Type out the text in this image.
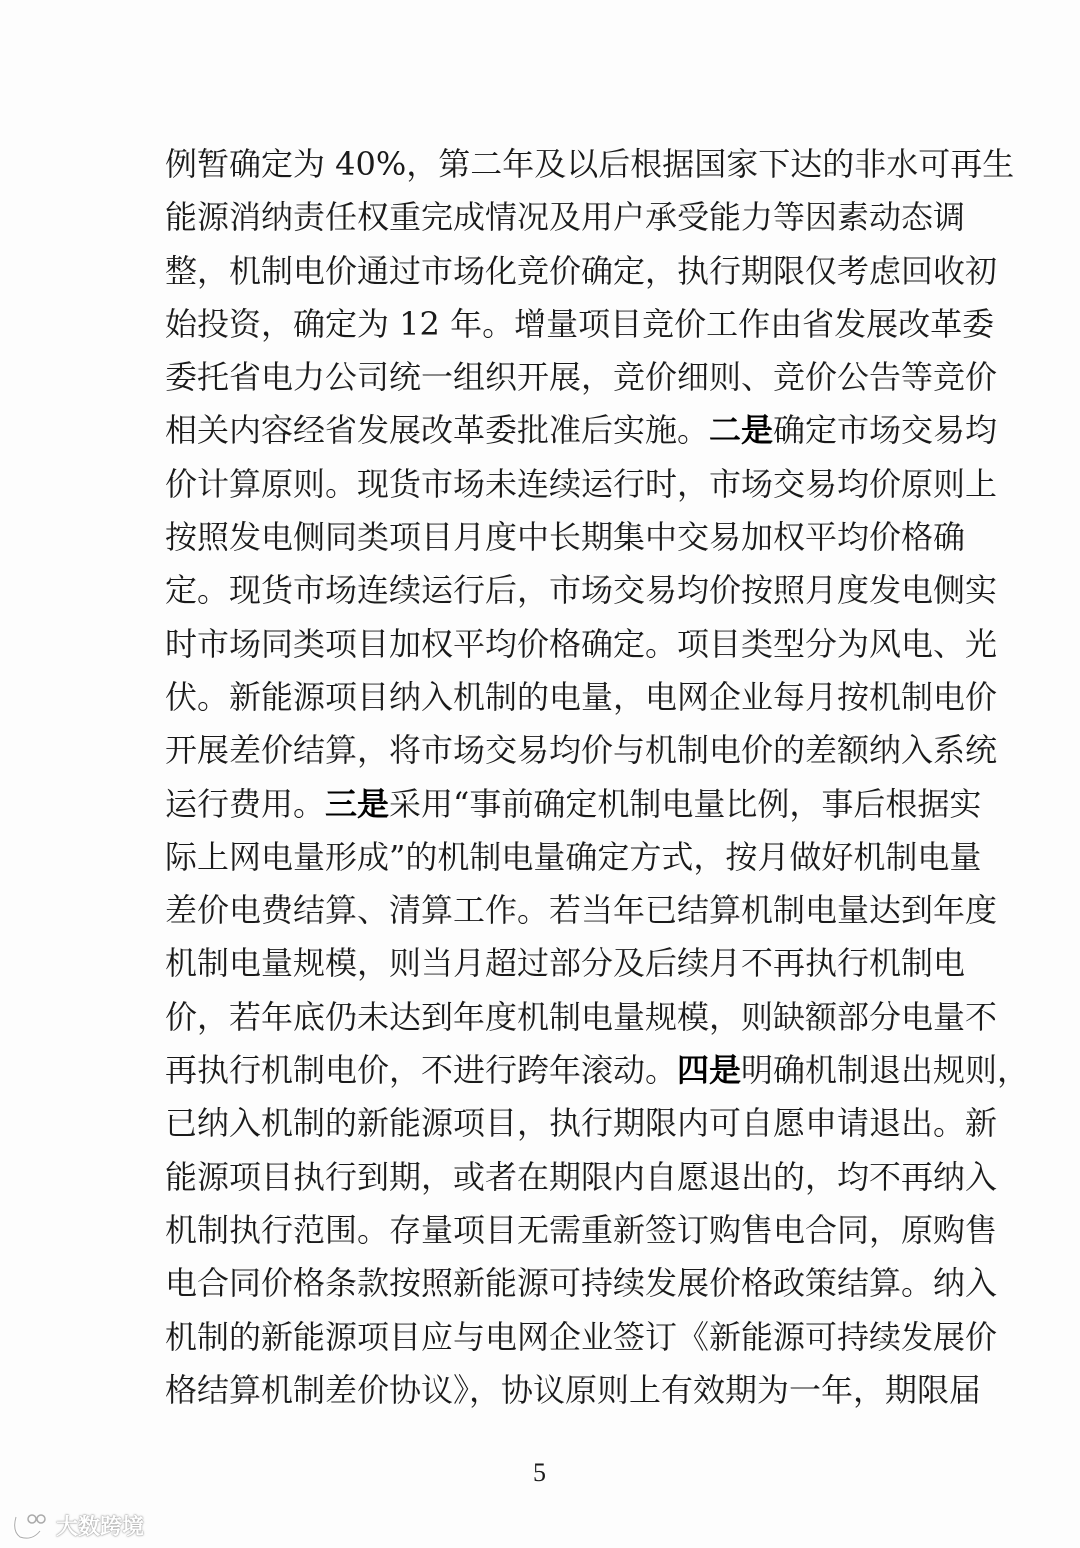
例暂确定为 40%，第二年及以后根据国家下达的非水可再生
能源消纳责任权重完成情况及用户承受能力等因素动态调
整，机制电价通过市场化竞价确定，执行期限仅考虑回收初
始投资，确定为 12 年。增量项目竞价工作由省发展改革委
委托省电力公司统一组织开展，竞价细则、竞价公告等竞价
相关内容经省发展改革委批准后实施。二是确定市场交易均
价计算原则。现货市场未连续运行时，市场交易均价原则上
按照发电侧同类项目月度中长期集中交易加权平均价格确
定。现货市场连续运行后，市场交易均价按照月度发电侧实
时市场同类项目加权平均价格确定。项目类型分为风电、光
伏。新能源项目纳入机制的电量，电网企业每月按机制电价
开展差价结算，将市场交易均价与机制电价的差额纳入系统
运行费用。三是采用“事前确定机制电量比例，事后根据实
际上网电量形成”的机制电量确定方式，按月做好机制电量
差价电费结算、清算工作。若当年已结算机制电量达到年度
机制电量规模，则当月超过部分及后续月不再执行机制电
价，若年底仍未达到年度机制电量规模，则缺额部分电量不
再执行机制电价，不进行跨年滚动。四是明确机制退出规则，
已纳入机制的新能源项目，执行期限内可自愿申请退出。新
能源项目执行到期，或者在期限内自愿退出的，均不再纳入
机制执行范围。存量项目无需重新签订购售电合同，原购售
电合同价格条款按照新能源可持续发展价格政策结算。纳入
机制的新能源项目应与电网企业签订《新能源可持续发展价
格结算机制差价协议》，协议原则上有效期为一年，期限届
5
大数跨境
